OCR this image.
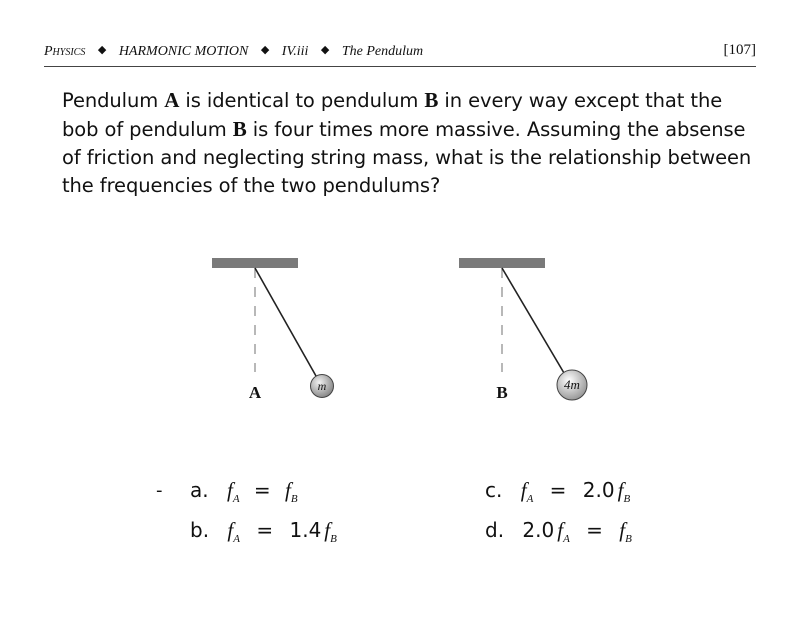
Physics ◆ HARMONIC MOTION ◆ IV.iii ◆ The Pendulum	[107]

Pendulum A is identical to pendulum B in every way except that the bob of pendulum B is four times more massive. Assuming the absense of friction and neglecting string mass, what is the relationship between the frequencies of the two pendulums?

m
A	4m
B
- a. $f_A = f_B$
b. $f_A = 1.4$ $f_B$
c. $f_A = 2.0$ $f_B$
d. 2.0 $f_A = f_B$
